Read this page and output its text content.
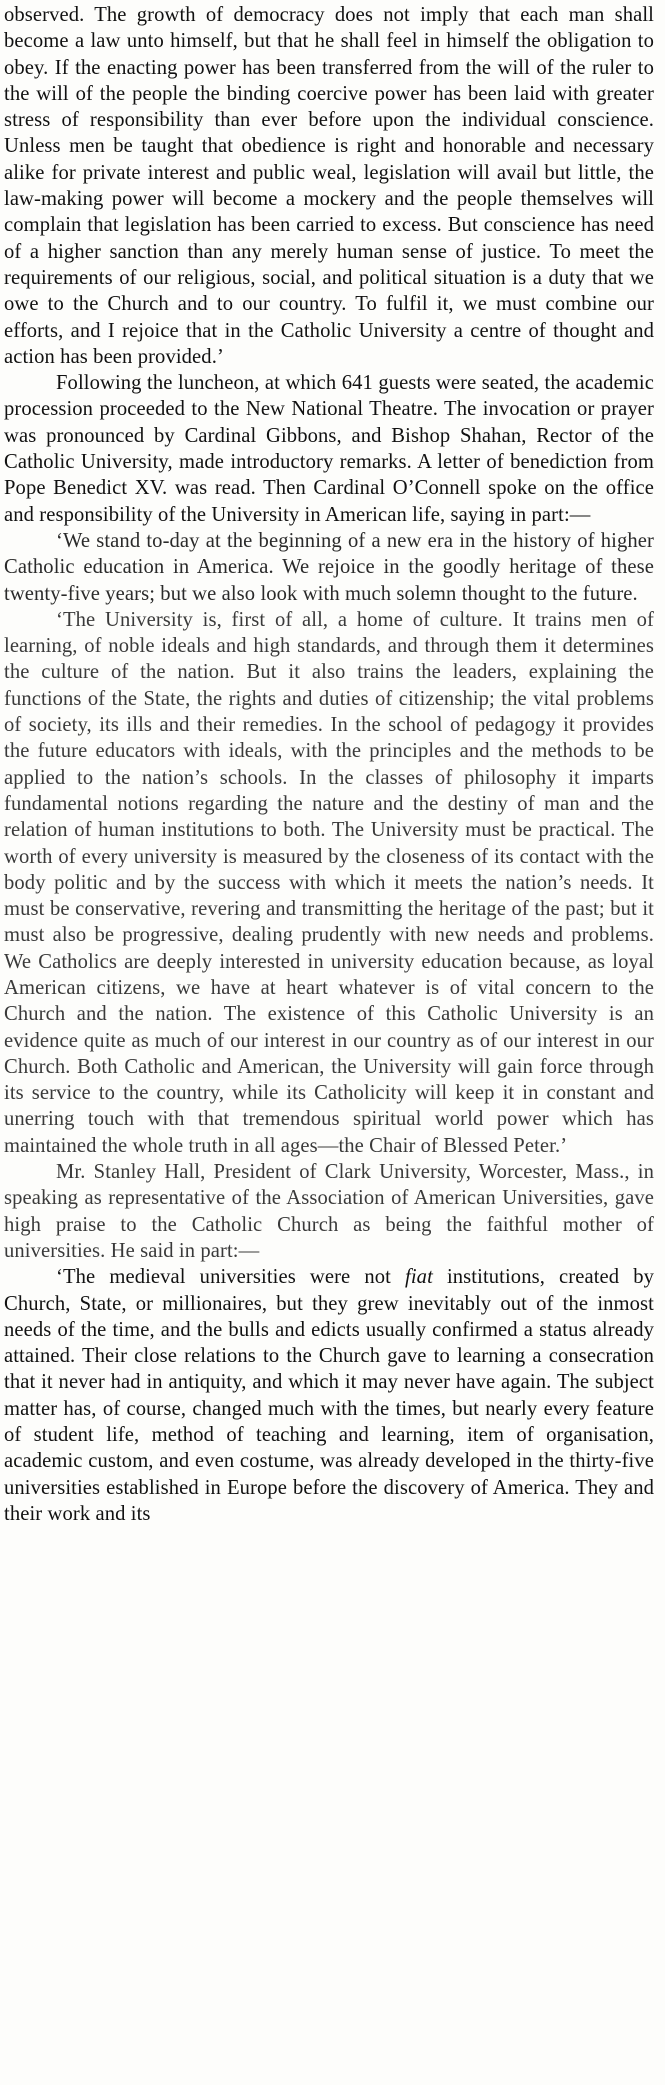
observed. The growth of democracy does not imply that each man shall become a law unto himself, but that he shall feel in himself the obligation to obey. If the enacting power has been transferred from the will of the ruler to the will of the people the binding coercive power has been laid with greater stress of responsibility than ever before upon the individual conscience. Unless men be taught that obedience is right and honorable and necessary alike for private interest and public weal, legislation will avail but little, the law-making power will become a mockery and the people themselves will complain that legislation has been carried to excess. But conscience has need of a higher sanction than any merely human sense of justice. To meet the requirements of our religious, social, and political situation is a duty that we owe to the Church and to our country. To fulfil it, we must combine our efforts, and I rejoice that in the Catholic University a centre of thought and action has been provided.’

Following the luncheon, at which 641 guests were seated, the academic procession proceeded to the New National Theatre. The invocation or prayer was pronounced by Cardinal Gibbons, and Bishop Shahan, Rector of the Catholic University, made introductory remarks. A letter of benediction from Pope Benedict XV. was read. Then Cardinal O’Connell spoke on the office and responsibility of the University in American life, saying in part:—

‘We stand to-day at the beginning of a new era in the history of higher Catholic education in America. We rejoice in the goodly heritage of these twenty-five years; but we also look with much solemn thought to the future.

‘The University is, first of all, a home of culture. It trains men of learning, of noble ideals and high standards, and through them it determines the culture of the nation. But it also trains the leaders, explaining the functions of the State, the rights and duties of citizenship; the vital problems of society, its ills and their remedies. In the school of pedagogy it provides the future educators with ideals, with the principles and the methods to be applied to the nation’s schools. In the classes of philosophy it imparts fundamental notions regarding the nature and the destiny of man and the relation of human institutions to both. The University must be practical. The worth of every university is measured by the closeness of its contact with the body politic and by the success with which it meets the nation’s needs. It must be conservative, revering and transmitting the heritage of the past; but it must also be progressive, dealing prudently with new needs and problems. We Catholics are deeply interested in university education because, as loyal American citizens, we have at heart whatever is of vital concern to the Church and the nation. The existence of this Catholic University is an evidence quite as much of our interest in our country as of our interest in our Church. Both Catholic and American, the University will gain force through its service to the country, while its Catholicity will keep it in constant and unerring touch with that tremendous spiritual world power which has maintained the whole truth in all ages—the Chair of Blessed Peter.’

Mr. Stanley Hall, President of Clark University, Worcester, Mass., in speaking as representative of the Association of American Universities, gave high praise to the Catholic Church as being the faithful mother of universities. He said in part:—

‘The medieval universities were not fiat institutions, created by Church, State, or millionaires, but they grew inevitably out of the inmost needs of the time, and the bulls and edicts usually confirmed a status already attained. Their close relations to the Church gave to learning a consecration that it never had in antiquity, and which it may never have again. The subject matter has, of course, changed much with the times, but nearly every feature of student life, method of teaching and learning, item of organisation, academic custom, and even costume, was already developed in the thirty-five universities established in Europe before the discovery of America. They and their work and its
